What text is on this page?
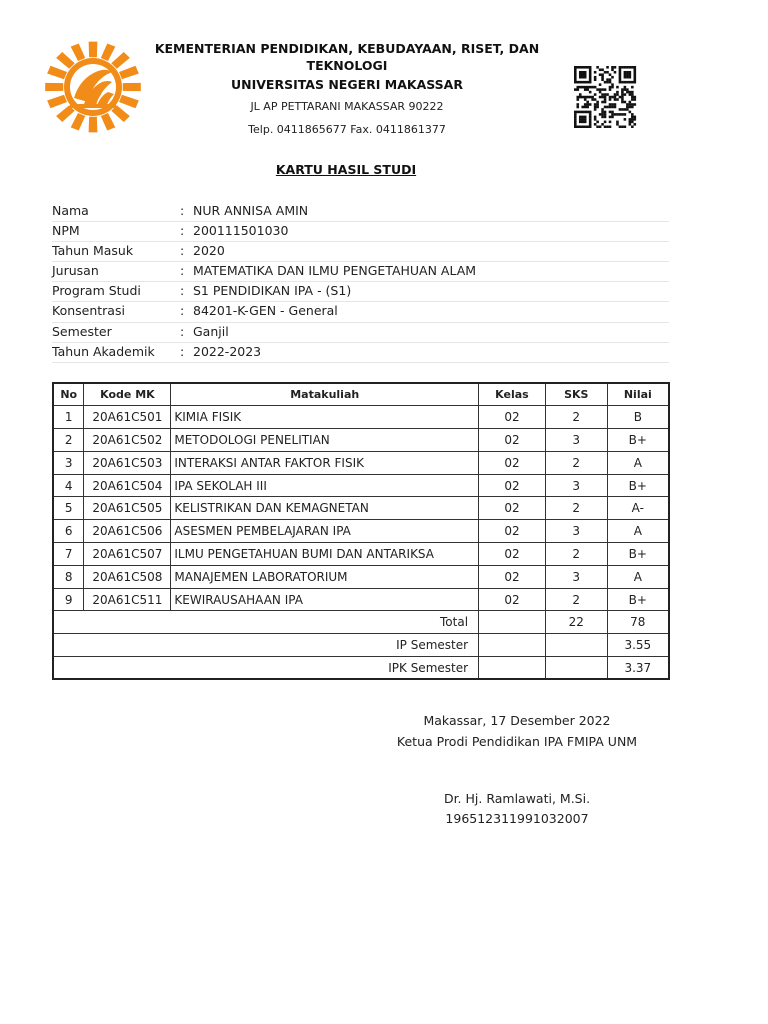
KEMENTERIAN PENDIDIKAN, KEBUDAYAAN, RISET, DAN TEKNOLOGI
UNIVERSITAS NEGERI MAKASSAR
JL AP PETTARANI MAKASSAR 90222
Telp. 0411865677 Fax. 0411861377
KARTU HASIL STUDI
Nama	: NUR ANNISA AMIN
NPM	: 200111501030
Tahun Masuk	: 2020
Jurusan	: MATEMATIKA DAN ILMU PENGETAHUAN ALAM
Program Studi	: S1 PENDIDIKAN IPA - (S1)
Konsentrasi	: 84201-K-GEN - General
Semester	: Ganjil
Tahun Akademik : 2022-2023
No	Kode MK	Matakuliah	Kelas	SKS	Nilai
1	20A61C501	KIMIA FISIK	02	2	B
2	20A61C502	METODOLOGI PENELITIAN	02	3	B+
3	20A61C503	INTERAKSI ANTAR FAKTOR FISIK	02	2	A
4	20A61C504	IPA SEKOLAH III	02	3	B+
5	20A61C505	KELISTRIKAN DAN KEMAGNETAN	02	2	A-
6	20A61C506	ASESMEN PEMBELAJARAN IPA	02	3	A
7	20A61C507	ILMU PENGETAHUAN BUMI DAN ANTARIKSA	02	2	B+
8	20A61C508	MANAJEMEN LABORATORIUM	02	3	A
9	20A61C511	KEWIRAUSAHAAN IPA	02	2	B+
Total				22	78
IP Semester					3.55
IPK Semester					3.37
Makassar, 17 Desember 2022
Ketua Prodi Pendidikan IPA FMIPA UNM
Dr. Hj. Ramlawati, M.Si.
196512311991032007
